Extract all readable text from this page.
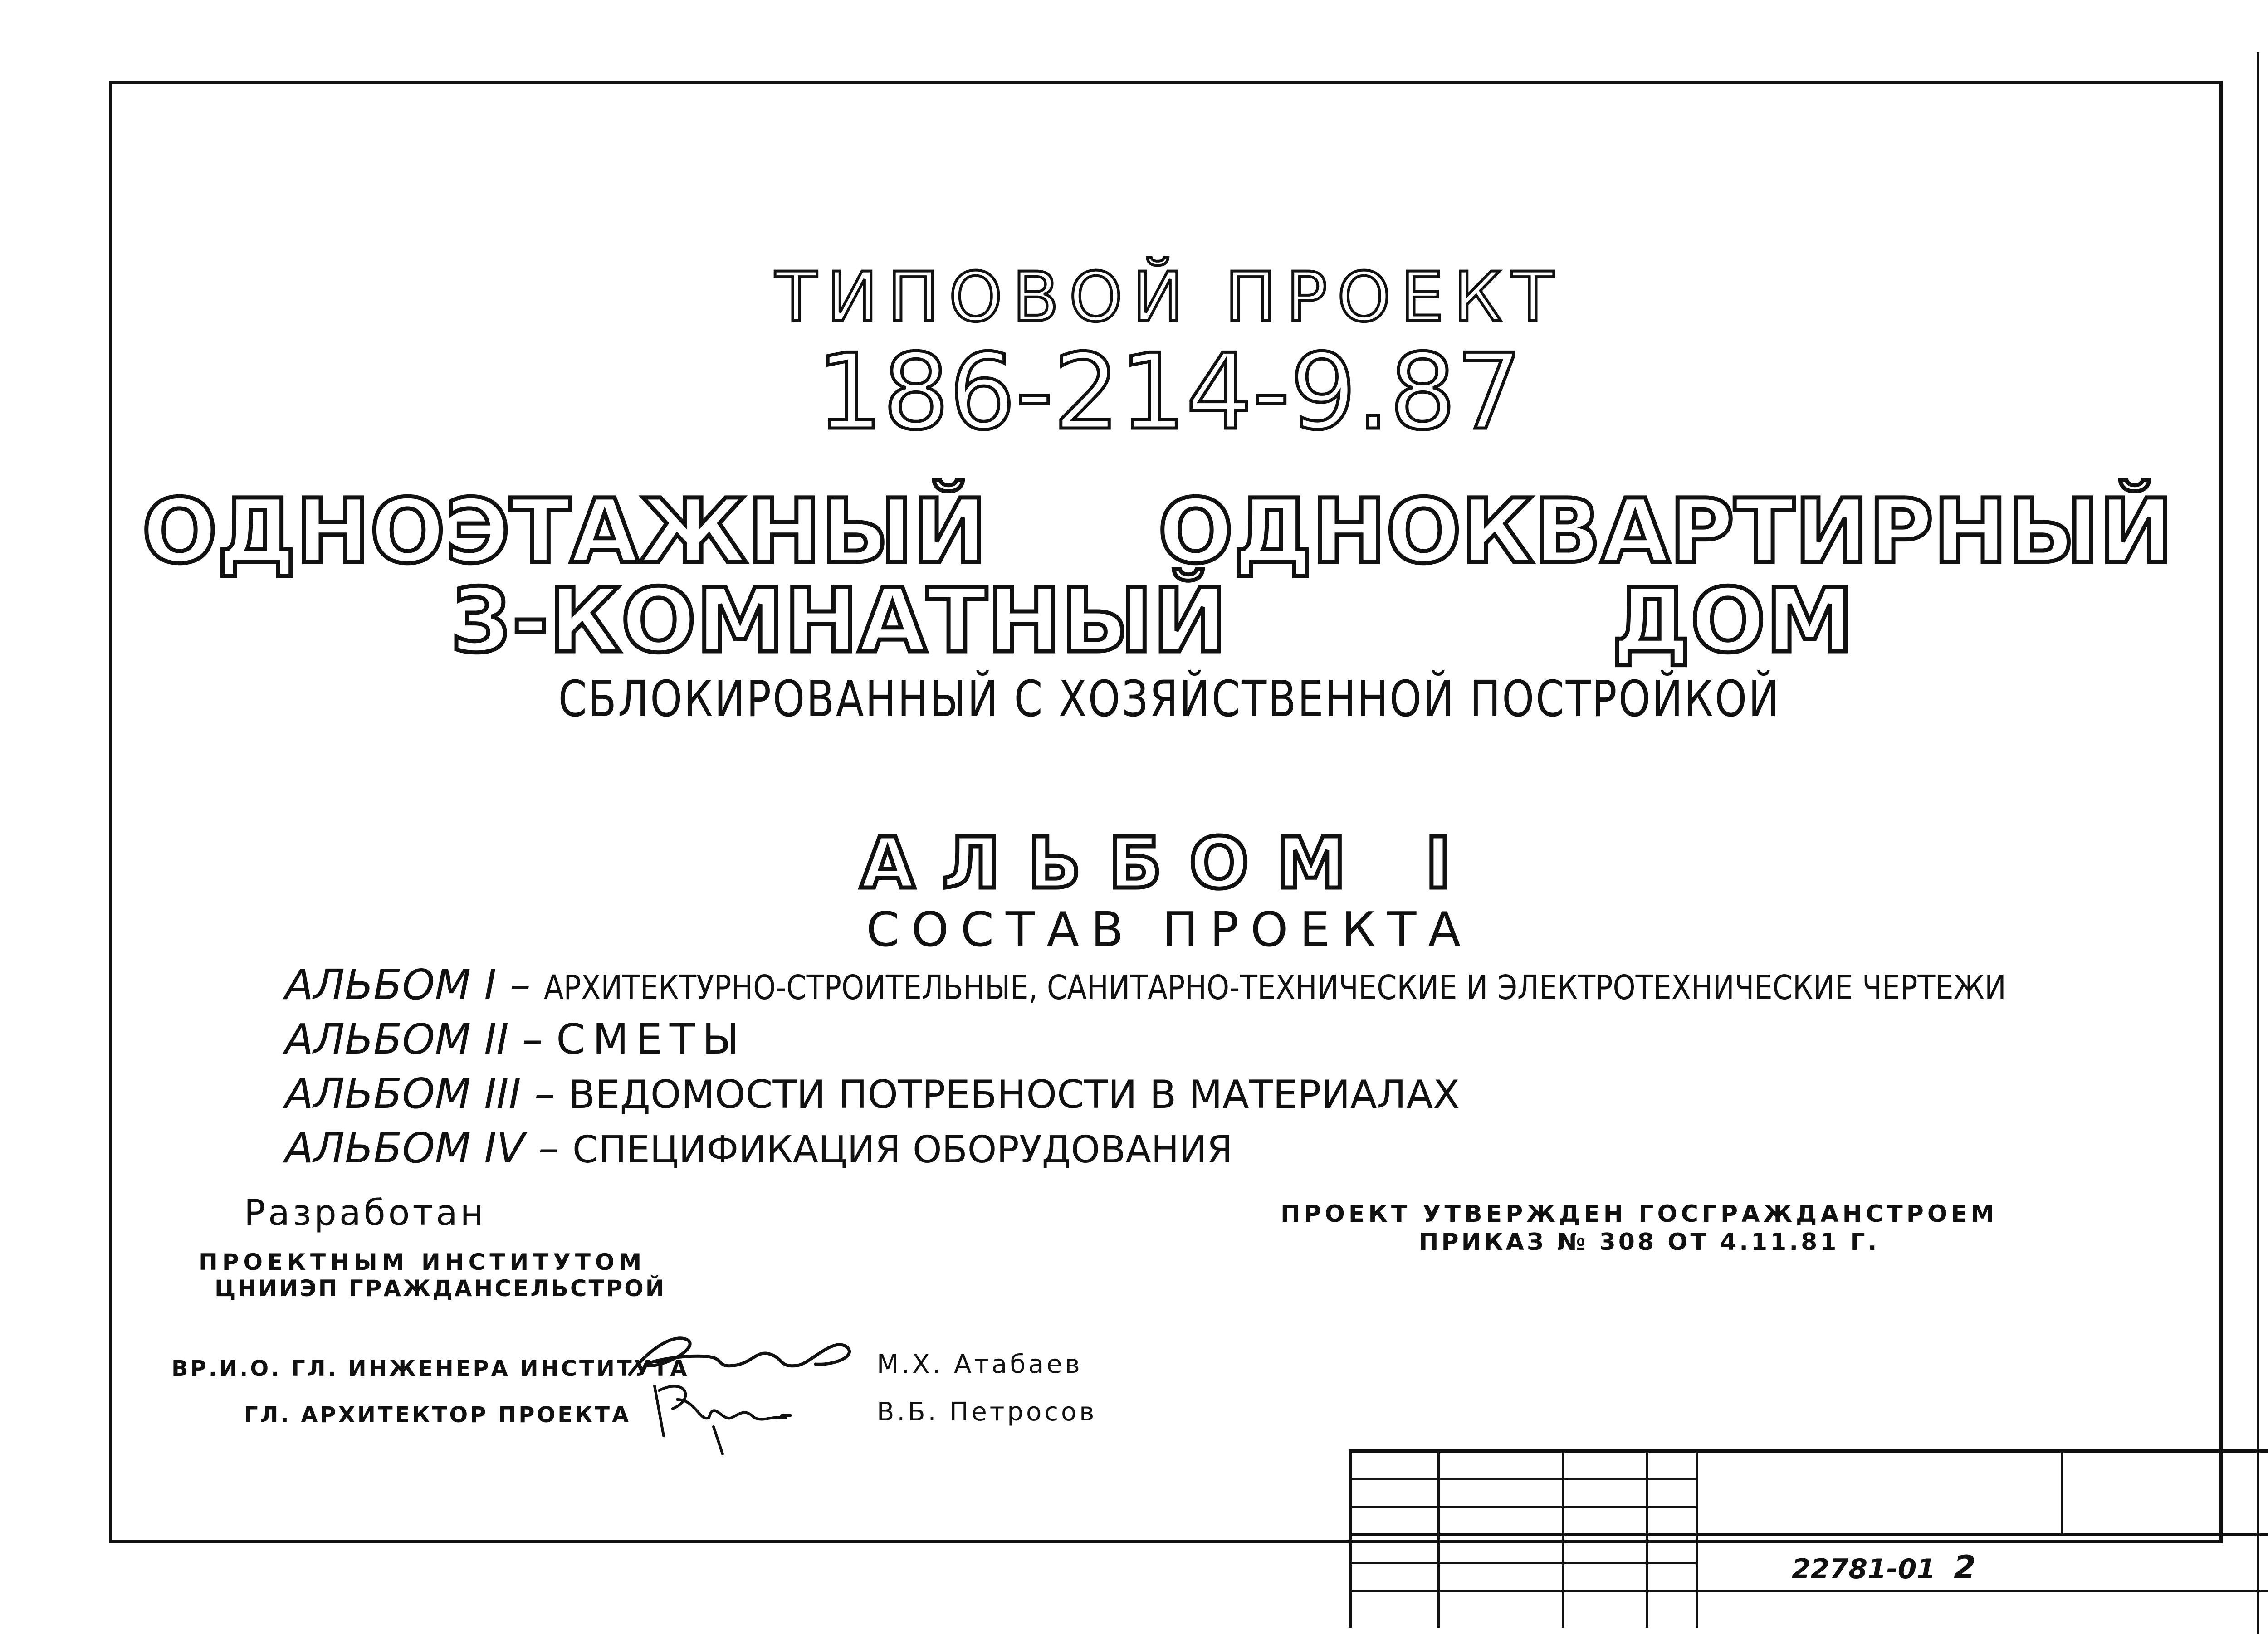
ТИПОВОЙ ПРОЕКТ
186-214-9.87
ОДНОЭТАЖНЫЙ ОДНОКВАРТИРНЫЙ
3-КОМНАТНЫЙ	ДОМ
СБЛОКИРОВАННЫЙ С ХОЗЯЙСТВЕННОЙ ПОСТРОЙКОЙ
АЛЬБОМ I
СОСТАВ ПРОЕКТА
АЛЬБОМ I – АРХИТЕКТУРНО-СТРОИТЕЛЬНЫЕ, САНИТАРНО-ТЕХНИЧЕСКИЕ И ЭЛЕКТРОТЕХНИЧЕСКИЕ ЧЕРТЕЖИ
АЛЬБОМ II – СМЕТЫ
АЛЬБОМ III – ВЕДОМОСТИ ПОТРЕБНОСТИ В МАТЕРИАЛАХ
АЛЬБОМ IV – СПЕЦИФИКАЦИЯ ОБОРУДОВАНИЯ
Разработан
ПРОЕКТНЫМ ИНСТИТУТОМ
ЦНИИЭП ГРАЖДАНСЕЛЬСТРОЙ
ПРОЕКТ УТВЕРЖДЕН ГОСГРАЖДАНСТРОЕМ
ПРИКАЗ № 308 ОТ 4.11.81 Г.
ВР.И.О. ГЛ. ИНЖЕНЕРА ИНСТИТУТА	М.Х. Атабаев
ГЛ. АРХИТЕКТОР ПРОЕКТА	В.Б. Петросов
22781-01 2
